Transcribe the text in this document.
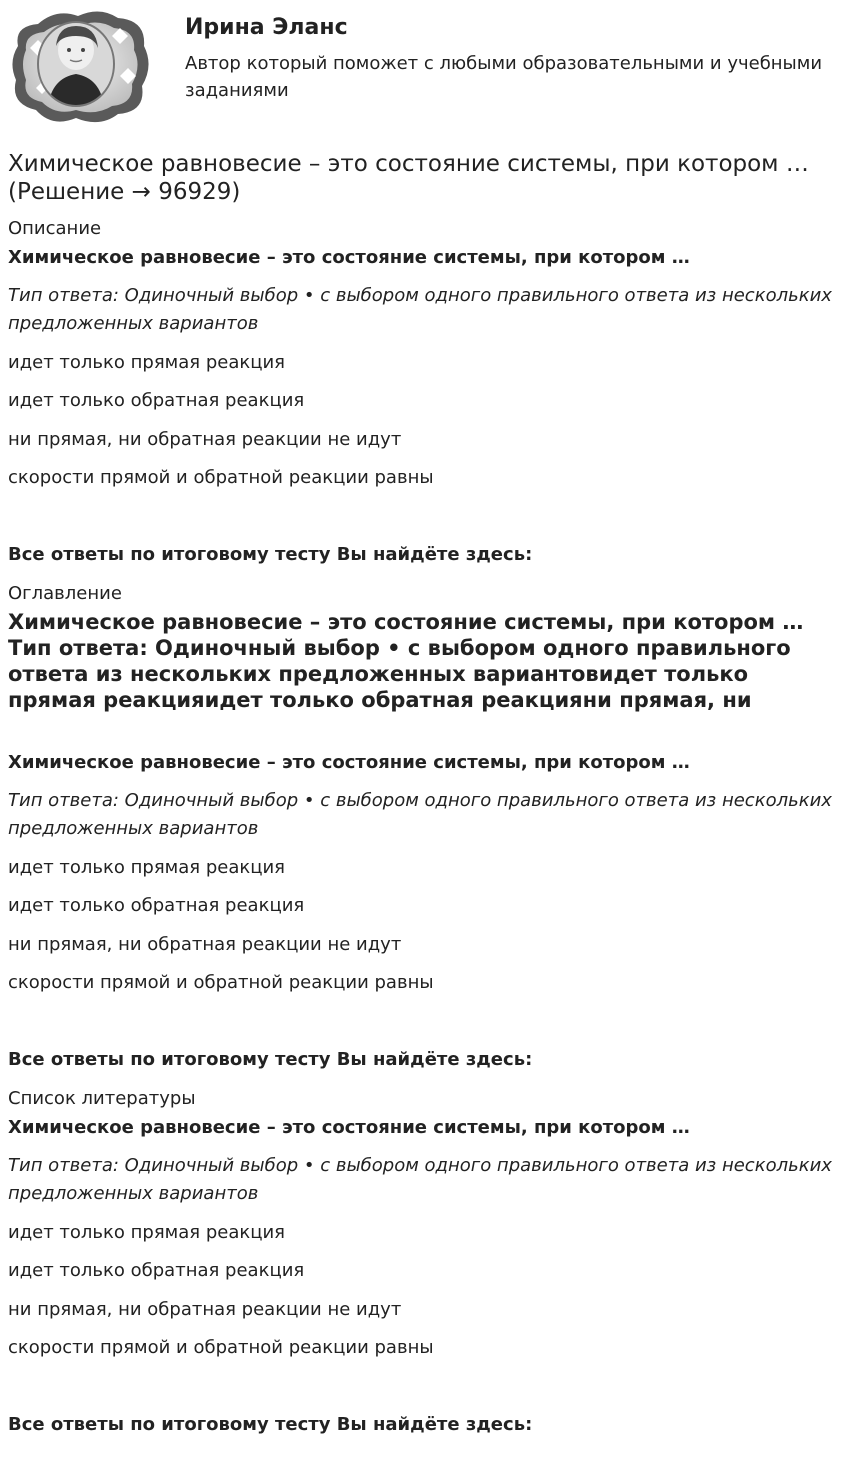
Ирина Эланс
Автор который поможет с любыми образовательными и учебными заданиями
Химическое равновесие – это состояние системы, при котором … (Решение → 96929)
Описание
Химическое равновесие – это состояние системы, при котором …
Тип ответа: Одиночный выбор • с выбором одного правильного ответа из нескольких предложенных вариантов
идет только прямая реакция
идет только обратная реакция
ни прямая, ни обратная реакции не идут
скорости прямой и обратной реакции равны
Все ответы по итоговому тесту Вы найдёте здесь:
Оглавление
Химическое равновесие – это состояние системы, при котором …Тип ответа: Одиночный выбор • с выбором одного правильного ответа из нескольких предложенных вариантовидет только прямая реакцияидет только обратная реакцияни прямая, ни
Химическое равновесие – это состояние системы, при котором …
Тип ответа: Одиночный выбор • с выбором одного правильного ответа из нескольких предложенных вариантов
идет только прямая реакция
идет только обратная реакция
ни прямая, ни обратная реакции не идут
скорости прямой и обратной реакции равны
Все ответы по итоговому тесту Вы найдёте здесь:
Список литературы
Химическое равновесие – это состояние системы, при котором …
Тип ответа: Одиночный выбор • с выбором одного правильного ответа из нескольких предложенных вариантов
идет только прямая реакция
идет только обратная реакция
ни прямая, ни обратная реакции не идут
скорости прямой и обратной реакции равны
Все ответы по итоговому тесту Вы найдёте здесь:
